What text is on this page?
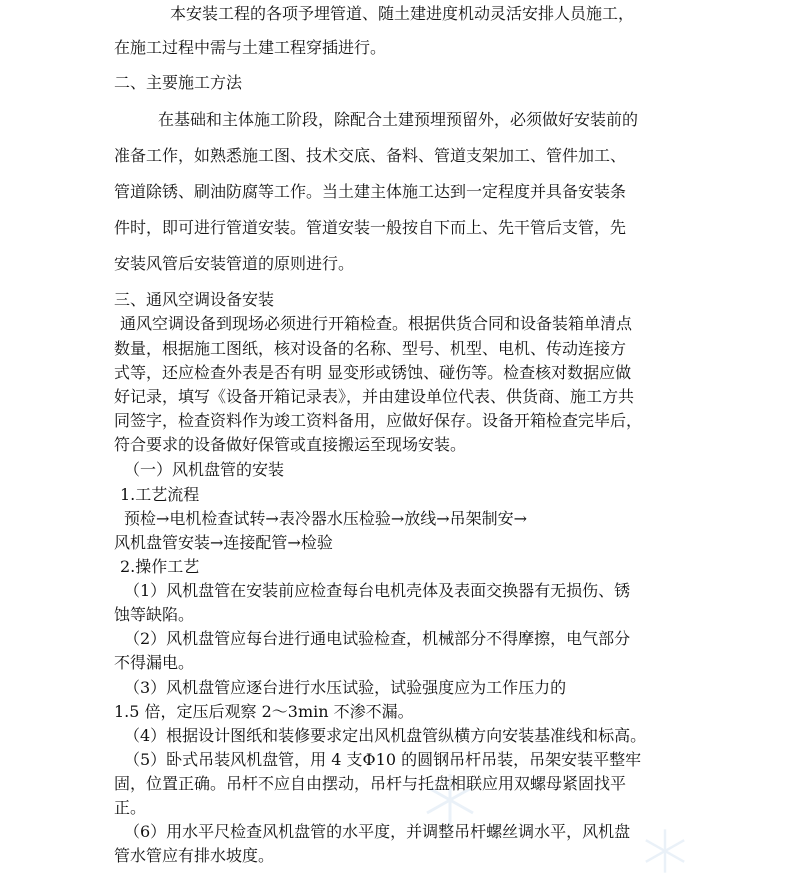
本安装工程的各项予埋管道、随土建进度机动灵活安排人员施工，
在施工过程中需与土建工程穿插进行。
二、主要施工方法
在基础和主体施工阶段，除配合土建预埋预留外，必须做好安装前的
准备工作，如熟悉施工图、技术交底、备料、管道支架加工、管件加工、
管道除锈、刷油防腐等工作。当土建主体施工达到一定程度并具备安装条
件时，即可进行管道安装。管道安装一般按自下而上、先干管后支管，先
安装风管后安装管道的原则进行。
三、通风空调设备安装
通风空调设备到现场必须进行开箱检查。根据供货合同和设备装箱单清点
数量，根据施工图纸，核对设备的名称、型号、机型、电机、传动连接方
式等，还应检查外表是否有明 显变形或锈蚀、碰伤等。检查核对数据应做
好记录，填写《设备开箱记录表》，并由建设单位代表、供货商、施工方共
同签字，检查资料作为竣工资料备用，应做好保存。设备开箱检查完毕后，
符合要求的设备做好保管或直接搬运至现场安装。
（一）风机盘管的安装
1.工艺流程
预检→电机检查试转→表冷器水压检验→放线→吊架制安→
风机盘管安装→连接配管→检验
2.操作工艺
（1）风机盘管在安装前应检查每台电机壳体及表面交换器有无损伤、锈
蚀等缺陷。
（2）风机盘管应每台进行通电试验检查，机械部分不得摩擦，电气部分
不得漏电。
（3）风机盘管应逐台进行水压试验，试验强度应为工作压力的
1.5 倍，定压后观察 2～3min 不渗不漏。
（4）根据设计图纸和装修要求定出风机盘管纵横方向安装基准线和标高。
（5）卧式吊装风机盘管，用 4 支Φ10 的圆钢吊杆吊装，吊架安装平整牢
固，位置正确。吊杆不应自由摆动，吊杆与托盘相联应用双螺母紧固找平
正。
（6）用水平尺检查风机盘管的水平度，并调整吊杆螺丝调水平，风机盘
管水管应有排水坡度。
